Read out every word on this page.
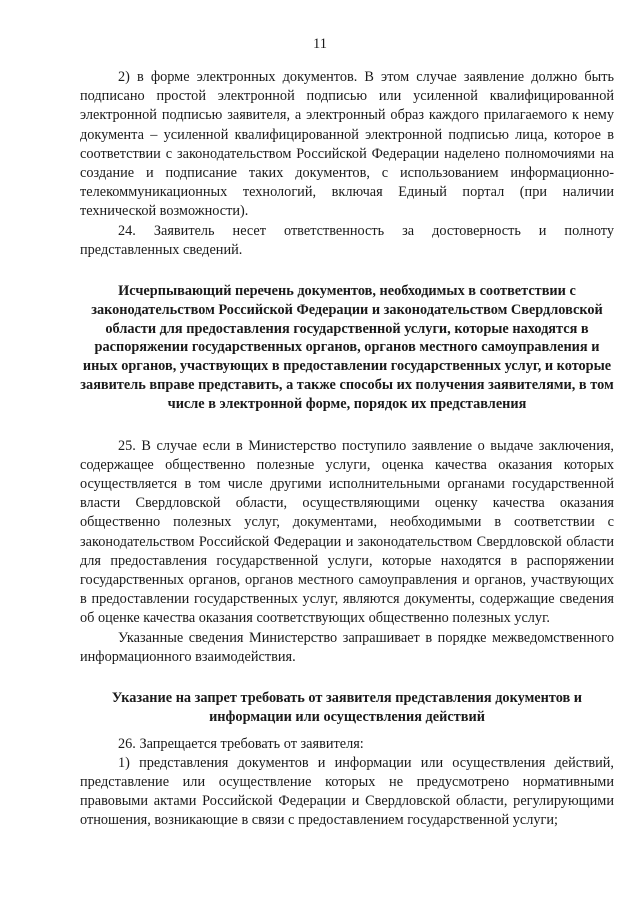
11

2) в форме электронных документов. В этом случае заявление должно быть подписано простой электронной подписью или усиленной квалифицированной электронной подписью заявителя, а электронный образ каждого прилагаемого к нему документа – усиленной квалифицированной электронной подписью лица, которое в соответствии с законодательством Российской Федерации наделено полномочиями на создание и подписание таких документов, с использованием информационно-телекоммуникационных технологий, включая Единый портал (при наличии технической возможности).

24. Заявитель несет ответственность за достоверность и полноту представленных сведений.

Исчерпывающий перечень документов, необходимых в соответствии с законодательством Российской Федерации и законодательством Свердловской области для предоставления государственной услуги, которые находятся в распоряжении государственных органов, органов местного самоуправления и иных органов, участвующих в предоставлении государственных услуг, и которые заявитель вправе представить, а также способы их получения заявителями, в том числе в электронной форме, порядок их представления

25. В случае если в Министерство поступило заявление о выдаче заключения, содержащее общественно полезные услуги, оценка качества оказания которых осуществляется в том числе другими исполнительными органами государственной власти Свердловской области, осуществляющими оценку качества оказания общественно полезных услуг, документами, необходимыми в соответствии с законодательством Российской Федерации и законодательством Свердловской области для предоставления государственной услуги, которые находятся в распоряжении государственных органов, органов местного самоуправления и органов, участвующих в предоставлении государственных услуг, являются документы, содержащие сведения об оценке качества оказания соответствующих общественно полезных услуг.

Указанные сведения Министерство запрашивает в порядке межведомственного информационного взаимодействия.

Указание на запрет требовать от заявителя представления документов и информации или осуществления действий

26. Запрещается требовать от заявителя:

1) представления документов и информации или осуществления действий, представление или осуществление которых не предусмотрено нормативными правовыми актами Российской Федерации и Свердловской области, регулирующими отношения, возникающие в связи с предоставлением государственной услуги;
